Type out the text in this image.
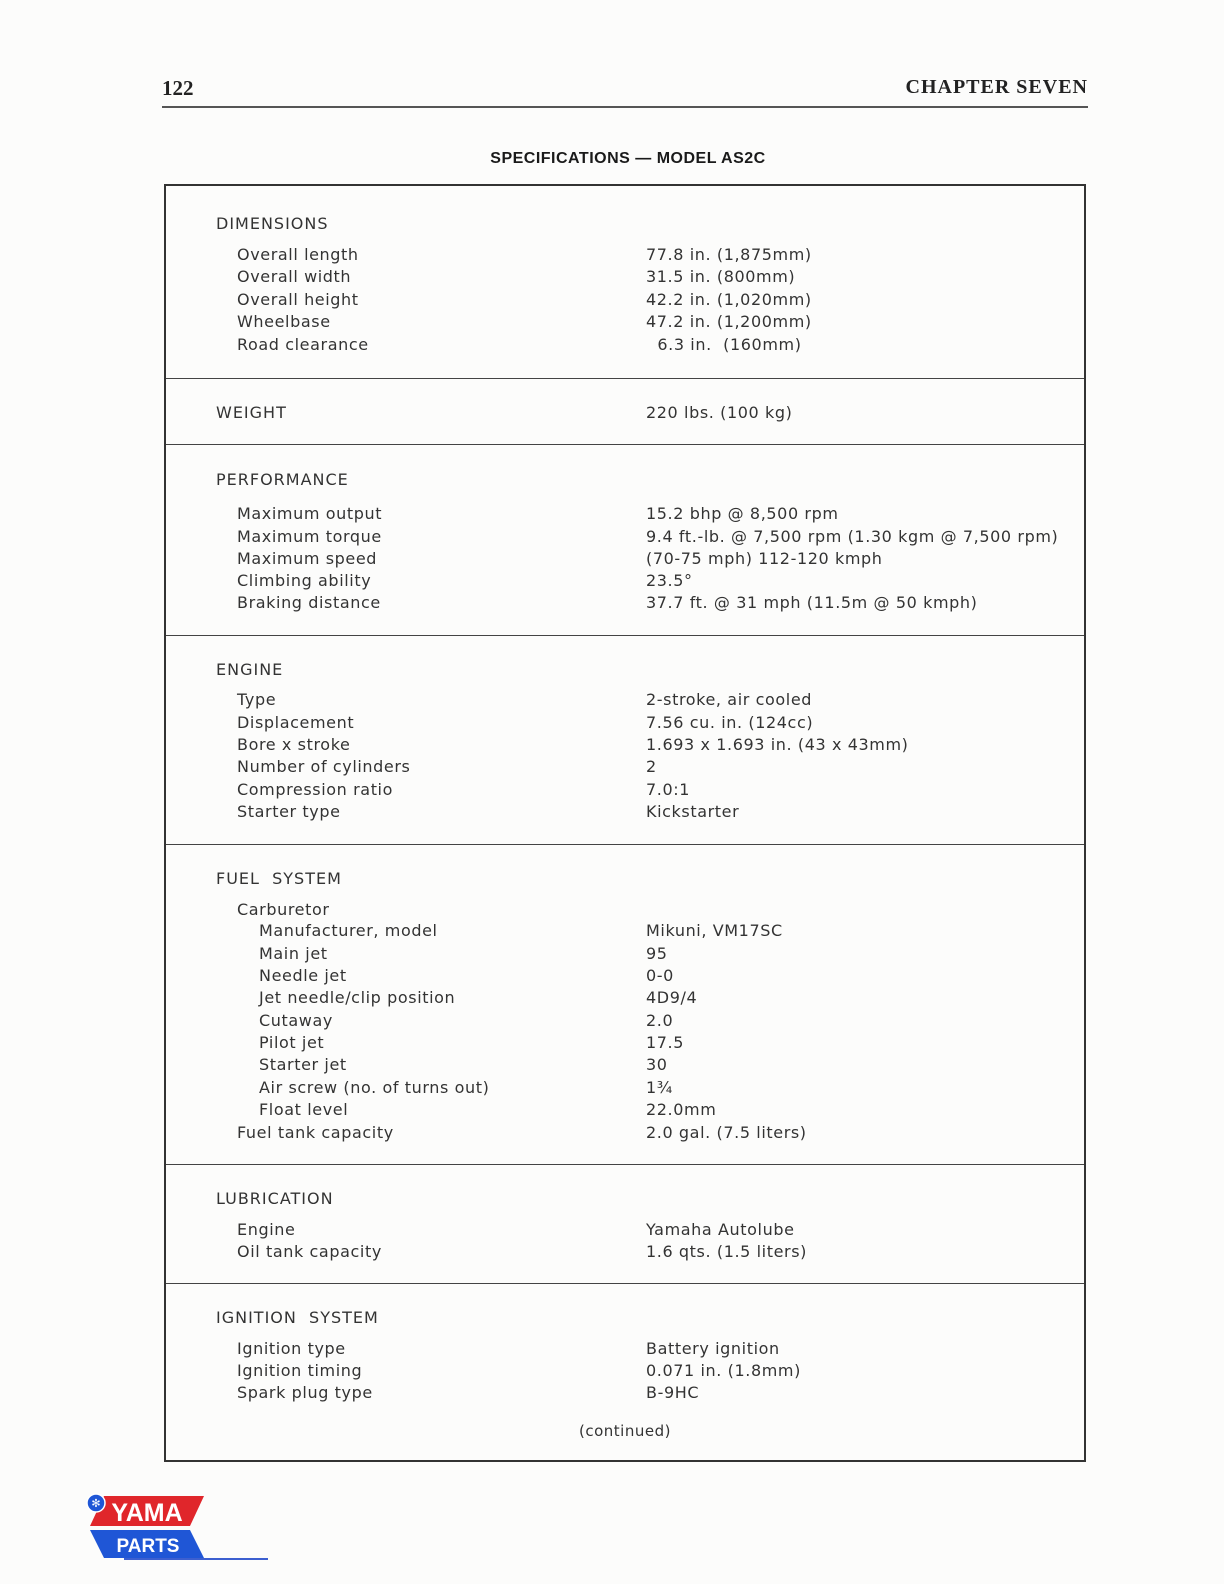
122	CHAPTER SEVEN
SPECIFICATIONS — MODEL AS2C
DIMENSIONS
Overall length	77.8 in. (1,875mm)
Overall width	31.5 in. (800mm)
Overall height	42.2 in. (1,020mm)
Wheelbase	47.2 in. (1,200mm)
Road clearance	6.3 in.  (160mm)
WEIGHT	220 lbs. (100 kg)
PERFORMANCE
Maximum output	15.2 bhp @ 8,500 rpm
Maximum torque	9.4 ft.-lb. @ 7,500 rpm (1.30 kgm @ 7,500 rpm)
Maximum speed	(70-75 mph) 112-120 kmph
Climbing ability	23.5°
Braking distance	37.7 ft. @ 31 mph (11.5m @ 50 kmph)
ENGINE
Type	2-stroke, air cooled
Displacement	7.56 cu. in. (124cc)
Bore x stroke	1.693 x 1.693 in. (43 x 43mm)
Number of cylinders	2
Compression ratio	7.0:1
Starter type	Kickstarter
FUEL  SYSTEM
Carburetor
Manufacturer, model	Mikuni, VM17SC
Main jet	95
Needle jet	0-0
Jet needle/clip position	4D9/4
Cutaway	2.0
Pilot jet	17.5
Starter jet	30
Air screw (no. of turns out)	1¾
Float level	22.0mm
Fuel tank capacity	2.0 gal. (7.5 liters)
LUBRICATION
Engine	Yamaha Autolube
Oil tank capacity	1.6 qts. (1.5 liters)
IGNITION  SYSTEM
Ignition type	Battery ignition
Ignition timing	0.071 in. (1.8mm)
Spark plug type	B-9HC
(continued)
✻ YAMA
PARTS
